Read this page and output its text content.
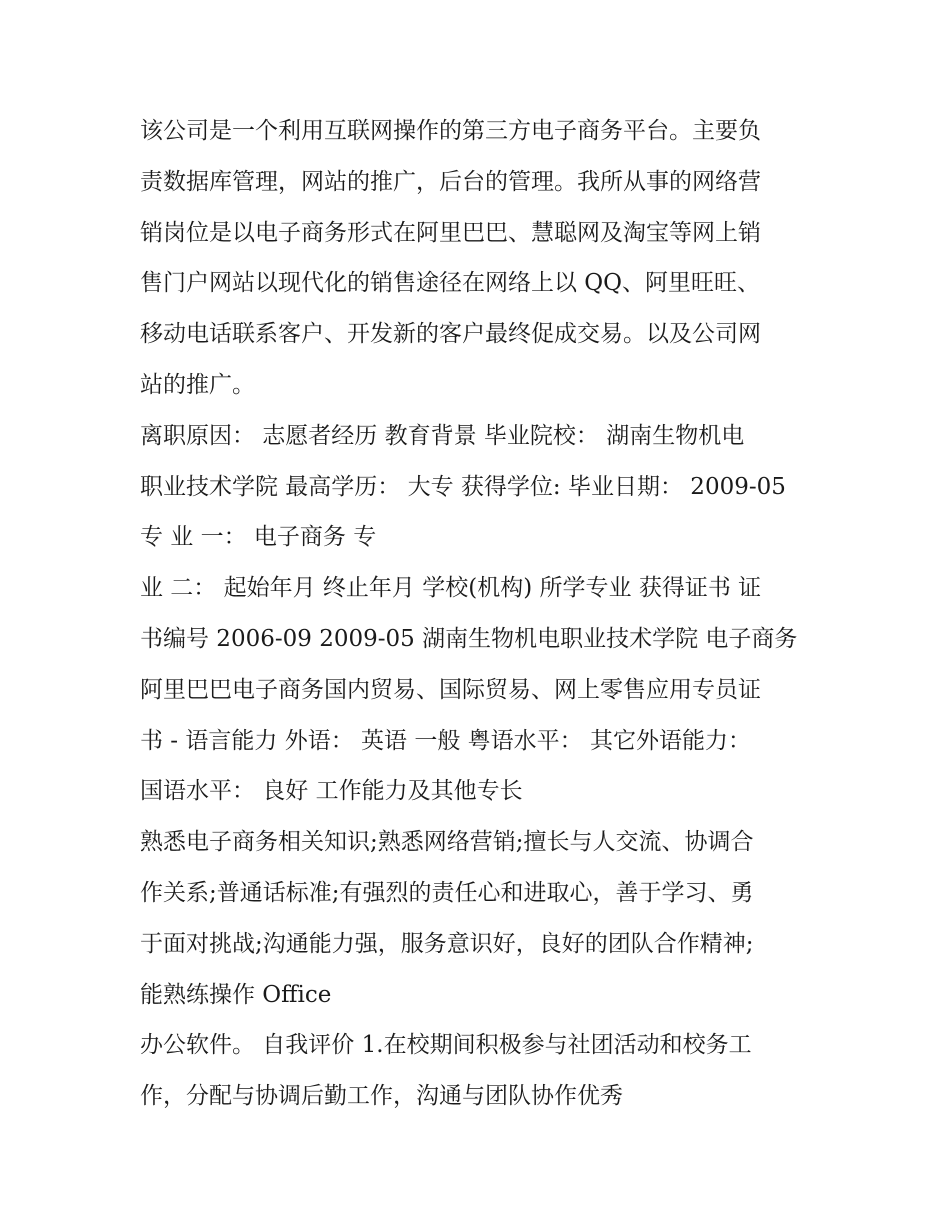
该公司是一个利用互联网操作的第三方电子商务平台。主要负
责数据库管理，网站的推广，后台的管理。我所从事的网络营
销岗位是以电子商务形式在阿里巴巴、慧聪网及淘宝等网上销
售门户网站以现代化的销售途径在网络上以 QQ、阿里旺旺、
移动电话联系客户、开发新的客户最终促成交易。以及公司网
站的推广。
离职原因： 志愿者经历 教育背景 毕业院校： 湖南生物机电
职业技术学院 最高学历： 大专 获得学位: 毕业日期： 2009-05
专 业 一： 电子商务 专
业 二： 起始年月 终止年月 学校(机构) 所学专业 获得证书 证
书编号 2006-09 2009-05 湖南生物机电职业技术学院 电子商务
阿里巴巴电子商务国内贸易、国际贸易、网上零售应用专员证
书 - 语言能力 外语： 英语 一般 粤语水平： 其它外语能力：
国语水平： 良好 工作能力及其他专长
熟悉电子商务相关知识;熟悉网络营销;擅长与人交流、协调合
作关系;普通话标准;有强烈的责任心和进取心，善于学习、勇
于面对挑战;沟通能力强，服务意识好，良好的团队合作精神;
能熟练操作 Office
办公软件。 自我评价 1.在校期间积极参与社团活动和校务工
作，分配与协调后勤工作，沟通与团队协作优秀
